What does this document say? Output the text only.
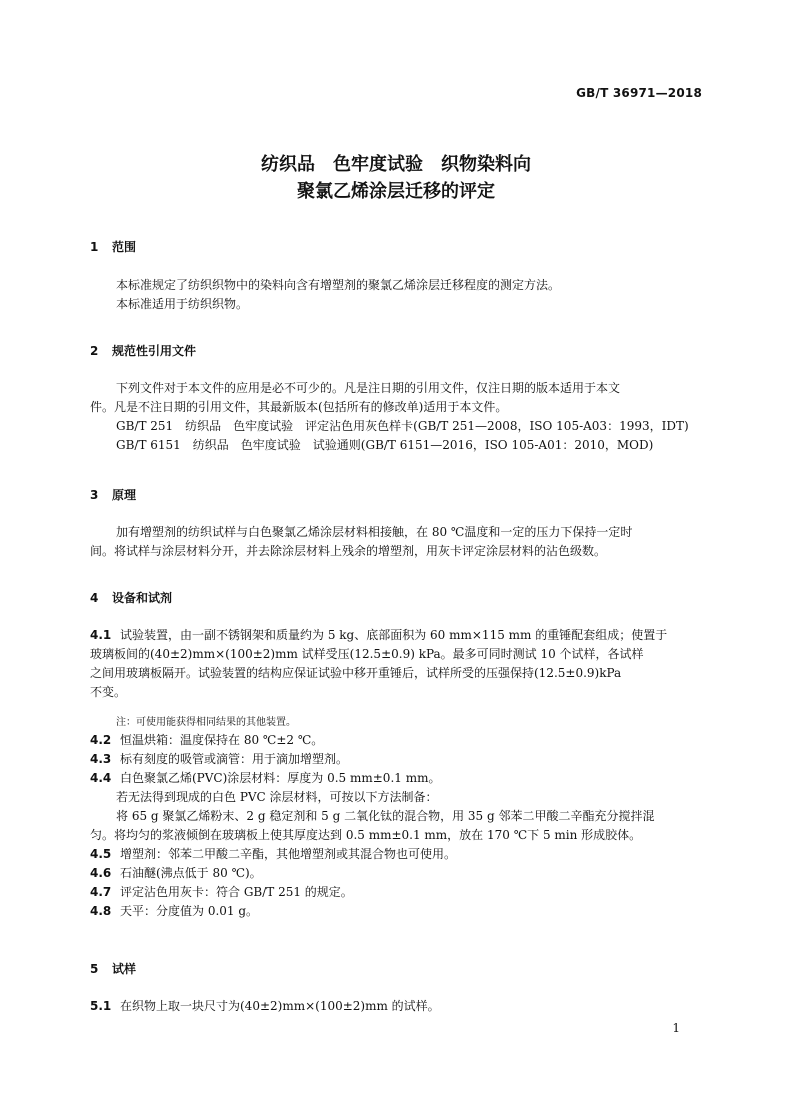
GB/T 36971—2018
纺织品　色牢度试验　织物染料向
聚氯乙烯涂层迁移的评定
1 范围
本标准规定了纺织织物中的染料向含有增塑剂的聚氯乙烯涂层迁移程度的测定方法。
本标准适用于纺织织物。
2 规范性引用文件
下列文件对于本文件的应用是必不可少的。凡是注日期的引用文件，仅注日期的版本适用于本文
件。凡是不注日期的引用文件，其最新版本(包括所有的修改单)适用于本文件。
GB/T 251　纺织品　色牢度试验　评定沾色用灰色样卡(GB/T 251—2008，ISO 105-A03：1993，IDT)
GB/T 6151　纺织品　色牢度试验　试验通则(GB/T 6151—2016，ISO 105-A01：2010，MOD)
3 原理
加有增塑剂的纺织试样与白色聚氯乙烯涂层材料相接触，在 80 ℃温度和一定的压力下保持一定时
间。将试样与涂层材料分开，并去除涂层材料上残余的增塑剂，用灰卡评定涂层材料的沾色级数。
4 设备和试剂
4.1 试验装置，由一副不锈钢架和质量约为 5 kg、底部面积为 60 mm×115 mm 的重锤配套组成；使置于
玻璃板间的(40±2)mm×(100±2)mm 试样受压(12.5±0.9) kPa。最多可同时测试 10 个试样，各试样
之间用玻璃板隔开。试验装置的结构应保证试验中移开重锤后，试样所受的压强保持(12.5±0.9)kPa
不变。
注：可使用能获得相同结果的其他装置。
4.2 恒温烘箱：温度保持在 80 ℃±2 ℃。
4.3 标有刻度的吸管或滴管：用于滴加增塑剂。
4.4 白色聚氯乙烯(PVC)涂层材料：厚度为 0.5 mm±0.1 mm。
若无法得到现成的白色 PVC 涂层材料，可按以下方法制备：
将 65 g 聚氯乙烯粉末、2 g 稳定剂和 5 g 二氧化钛的混合物，用 35 g 邻苯二甲酸二辛酯充分搅拌混
匀。将均匀的浆液倾倒在玻璃板上使其厚度达到 0.5 mm±0.1 mm，放在 170 ℃下 5 min 形成胶体。
4.5 增塑剂：邻苯二甲酸二辛酯，其他增塑剂或其混合物也可使用。
4.6 石油醚(沸点低于 80 ℃)。
4.7 评定沾色用灰卡：符合 GB/T 251 的规定。
4.8 天平：分度值为 0.01 g。
5 试样
5.1 在织物上取一块尺寸为(40±2)mm×(100±2)mm 的试样。
1
